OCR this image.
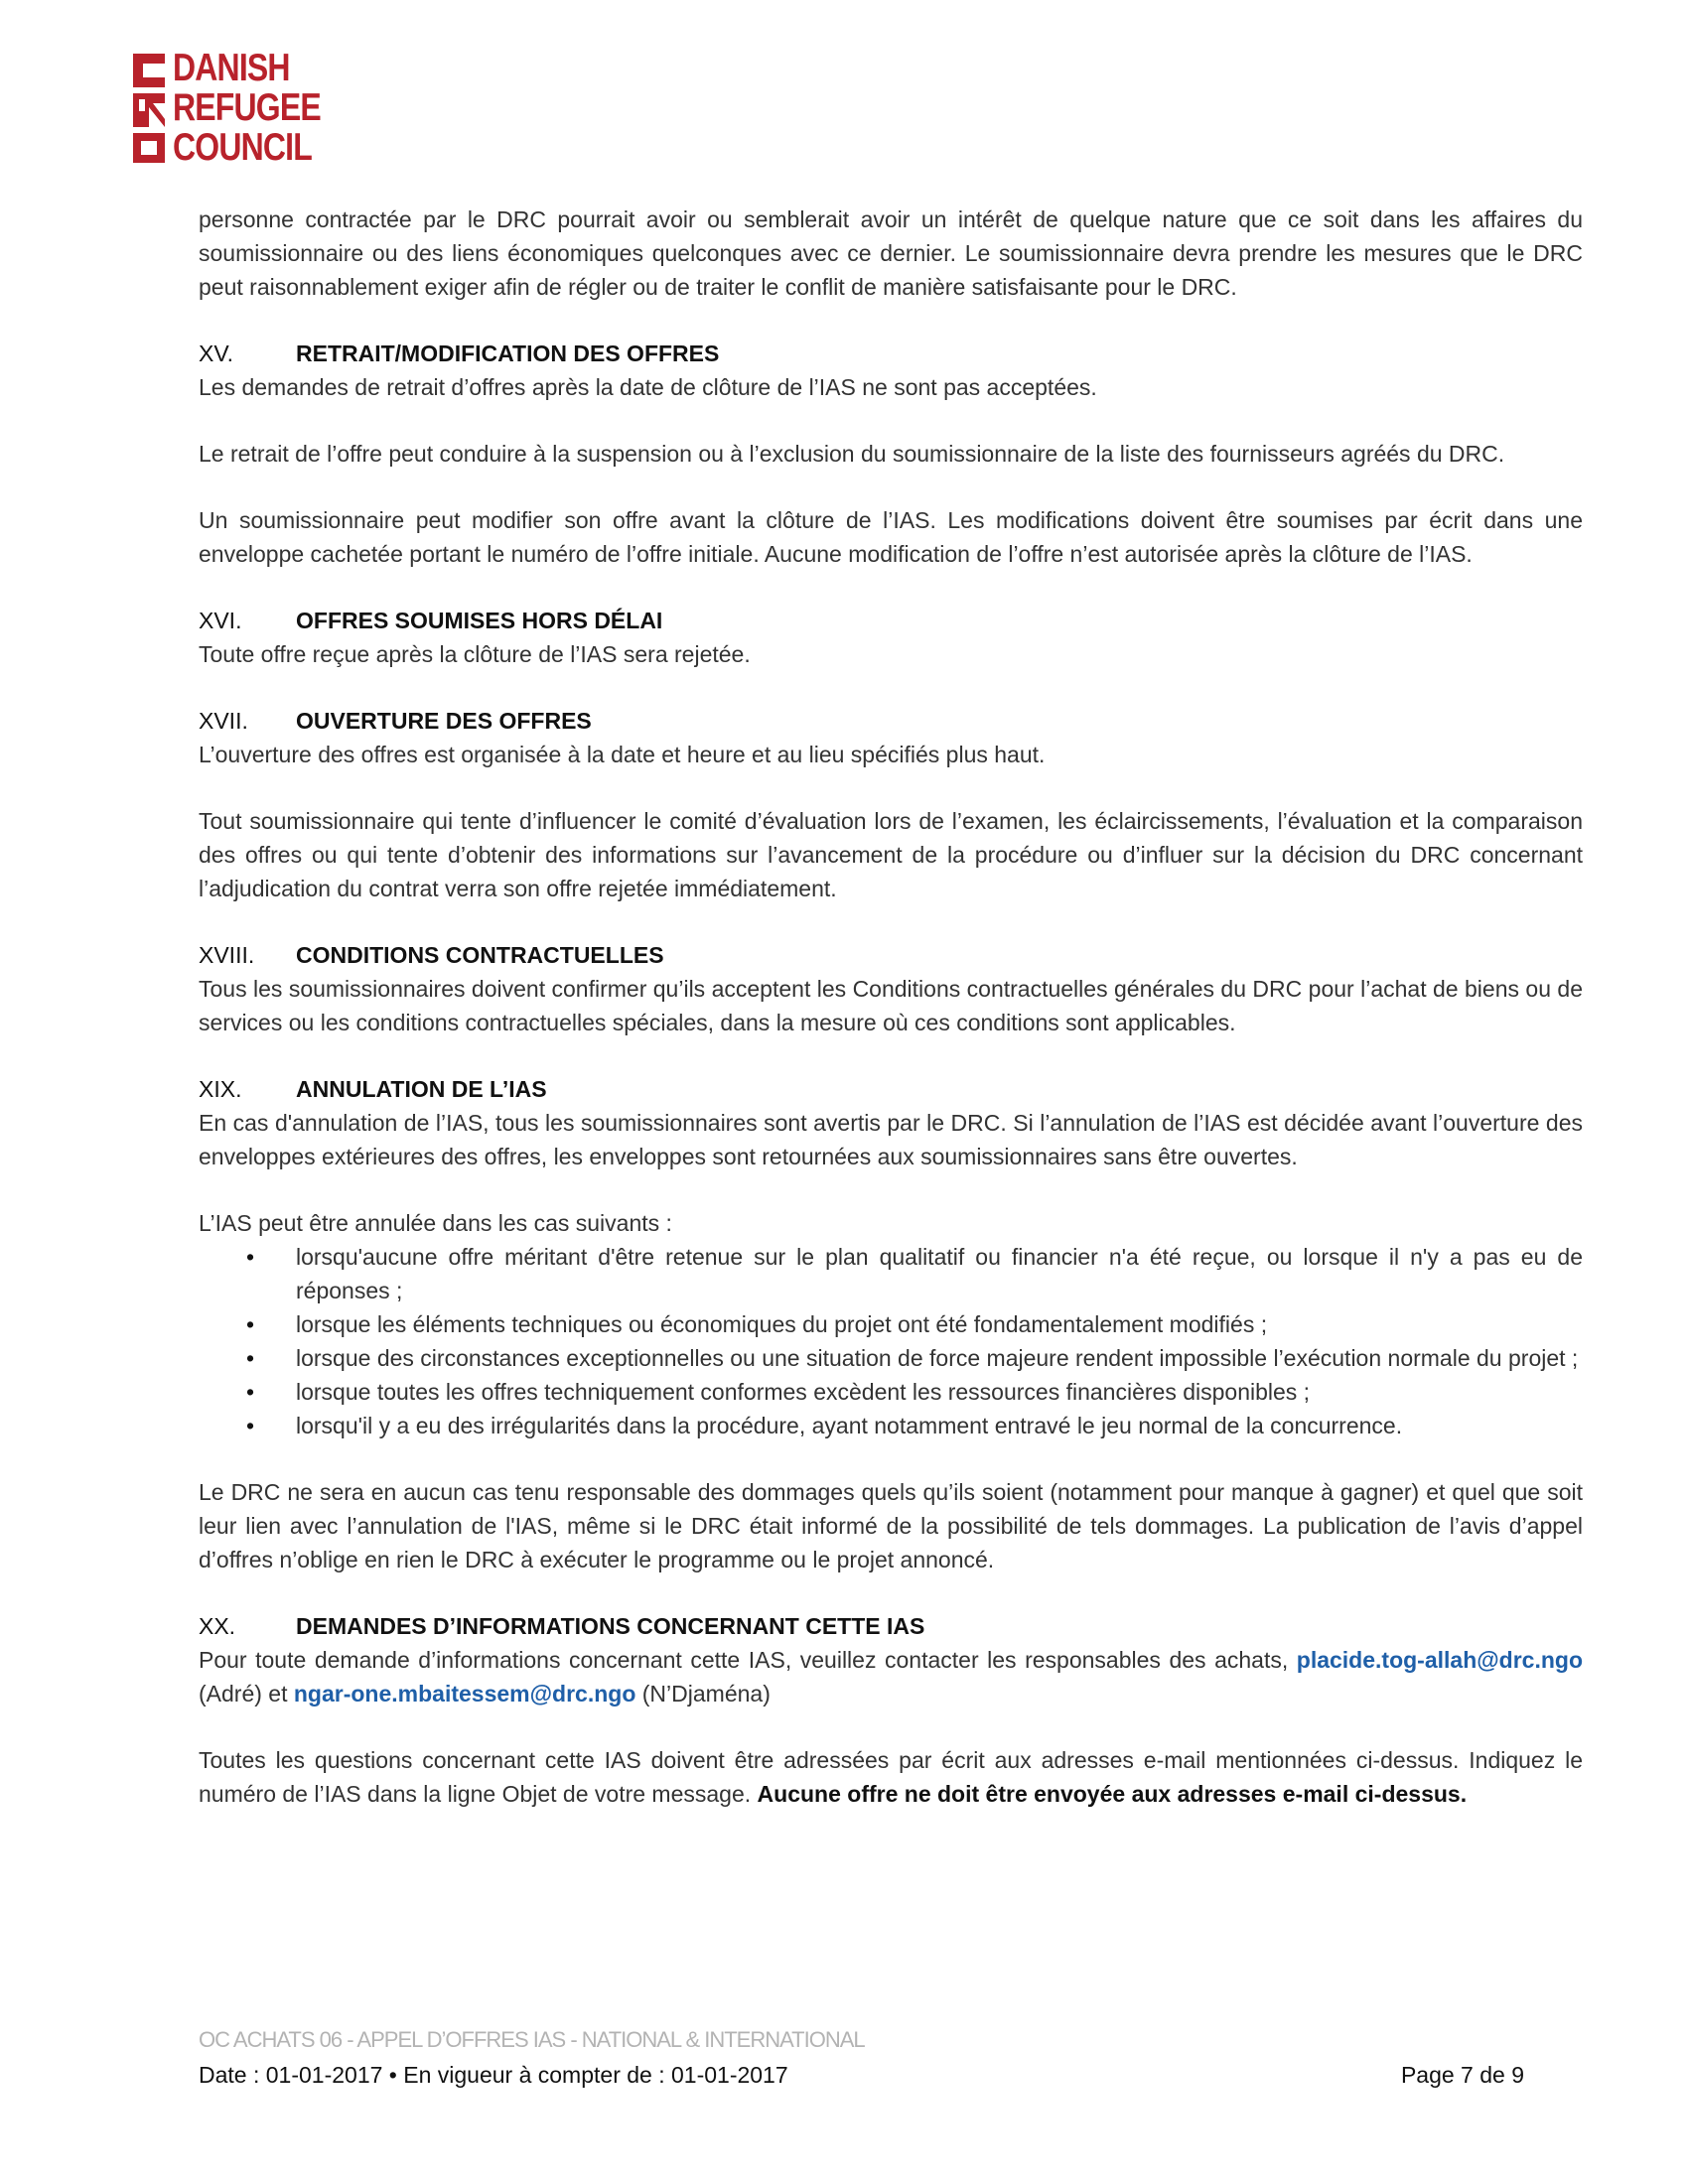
DANISH
REFUGEE
COUNCIL

personne contractée par le DRC pourrait avoir ou semblerait avoir un intérêt de quelque nature que ce soit dans les affaires du soumissionnaire ou des liens économiques quelconques avec ce dernier. Le soumissionnaire devra prendre les mesures que le DRC peut raisonnablement exiger afin de régler ou de traiter le conflit de manière satisfaisante pour le DRC.

XV.	RETRAIT/MODIFICATION DES OFFRES

Les demandes de retrait d’offres après la date de clôture de l’IAS ne sont pas acceptées.

Le retrait de l’offre peut conduire à la suspension ou à l’exclusion du soumissionnaire de la liste des fournisseurs agréés du DRC.

Un soumissionnaire peut modifier son offre avant la clôture de l’IAS. Les modifications doivent être soumises par écrit dans une enveloppe cachetée portant le numéro de l’offre initiale. Aucune modification de l’offre n’est autorisée après la clôture de l’IAS.

XVI.	OFFRES SOUMISES HORS DÉLAI

Toute offre reçue après la clôture de l’IAS sera rejetée.

XVII.	OUVERTURE DES OFFRES

L’ouverture des offres est organisée à la date et heure et au lieu spécifiés plus haut.

Tout soumissionnaire qui tente d’influencer le comité d’évaluation lors de l’examen, les éclaircissements, l’évaluation et la comparaison des offres ou qui tente d’obtenir des informations sur l’avancement de la procédure ou d’influer sur la décision du DRC concernant l’adjudication du contrat verra son offre rejetée immédiatement.

XVIII.	CONDITIONS CONTRACTUELLES

Tous les soumissionnaires doivent confirmer qu’ils acceptent les Conditions contractuelles générales du DRC pour l’achat de biens ou de services ou les conditions contractuelles spéciales, dans la mesure où ces conditions sont applicables.

XIX.	ANNULATION DE L’IAS

En cas d'annulation de l’IAS, tous les soumissionnaires sont avertis par le DRC. Si l’annulation de l’IAS est décidée avant l’ouverture des enveloppes extérieures des offres, les enveloppes sont retournées aux soumissionnaires sans être ouvertes.

L’IAS peut être annulée dans les cas suivants :

• lorsqu'aucune offre méritant d'être retenue sur le plan qualitatif ou financier n'a été reçue, ou lorsque il n'y a pas eu de réponses ;
• lorsque les éléments techniques ou économiques du projet ont été fondamentalement modifiés ;
• lorsque des circonstances exceptionnelles ou une situation de force majeure rendent impossible l’exécution normale du projet ;
• lorsque toutes les offres techniquement conformes excèdent les ressources financières disponibles ;
• lorsqu'il y a eu des irrégularités dans la procédure, ayant notamment entravé le jeu normal de la concurrence.

Le DRC ne sera en aucun cas tenu responsable des dommages quels qu’ils soient (notamment pour manque à gagner) et quel que soit leur lien avec l’annulation de l'IAS, même si le DRC était informé de la possibilité de tels dommages. La publication de l’avis d’appel d’offres n’oblige en rien le DRC à exécuter le programme ou le projet annoncé.

XX.	DEMANDES D’INFORMATIONS CONCERNANT CETTE IAS

Pour toute demande d’informations concernant cette IAS, veuillez contacter les responsables des achats, placide.tog-allah@drc.ngo (Adré) et ngar-one.mbaitessem@drc.ngo (N’Djaména)

Toutes les questions concernant cette IAS doivent être adressées par écrit aux adresses e-mail mentionnées ci-dessus. Indiquez le numéro de l’IAS dans la ligne Objet de votre message. Aucune offre ne doit être envoyée aux adresses e-mail ci-dessus.

OC ACHATS 06 - APPEL D’OFFRES IAS - NATIONAL & INTERNATIONAL
Date : 01-01-2017 • En vigueur à compter de : 01-01-2017	Page 7 de 9
